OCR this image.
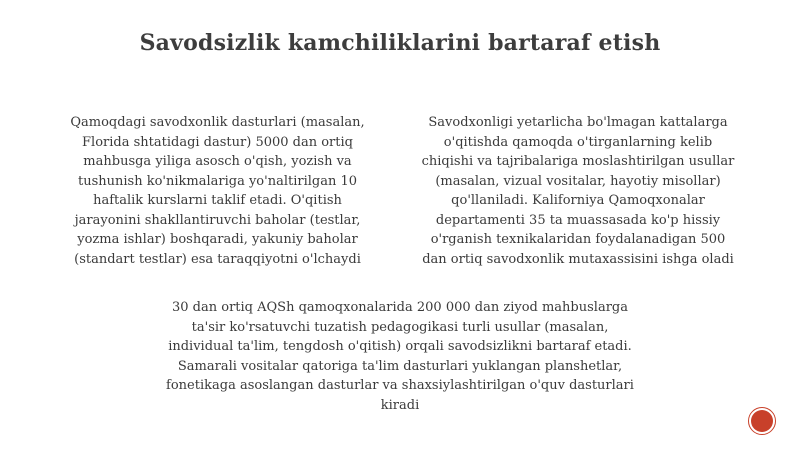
Savodsizlik kamchiliklarini bartaraf etish
Qamoqdagi savodxonlik dasturlari (masalan,
Florida shtatidagi dastur) 5000 dan ortiq
mahbusga yiliga asosch o'qish, yozish va
tushunish ko'nikmalariga yo'naltirilgan 10
haftalik kurslarni taklif etadi. O'qitish
jarayonini shakllantiruvchi baholar (testlar,
yozma ishlar) boshqaradi, yakuniy baholar
(standart testlar) esa taraqqiyotni o'lchaydi
Savodxonligi yetarlicha bo'lmagan kattalarga
o'qitishda qamoqda o'tirganlarning kelib
chiqishi va tajribalariga moslashtirilgan usullar
(masalan, vizual vositalar, hayotiy misollar)
qo'llaniladi. Kaliforniya Qamoqxonalar
departamenti 35 ta muassasada ko'p hissiy
o'rganish texnikalaridan foydalanadigan 500
dan ortiq savodxonlik mutaxassisini ishga oladi
30 dan ortiq AQSh qamoqxonalarida 200 000 dan ziyod mahbuslarga
ta'sir ko'rsatuvchi tuzatish pedagogikasi turli usullar (masalan,
individual ta'lim, tengdosh o'qitish) orqali savodsizlikni bartaraf etadi.
Samarali vositalar qatoriga ta'lim dasturlari yuklangan planshetlar,
fonetikaga asoslangan dasturlar va shaxsiylashtirilgan o'quv dasturlari
kiradi
